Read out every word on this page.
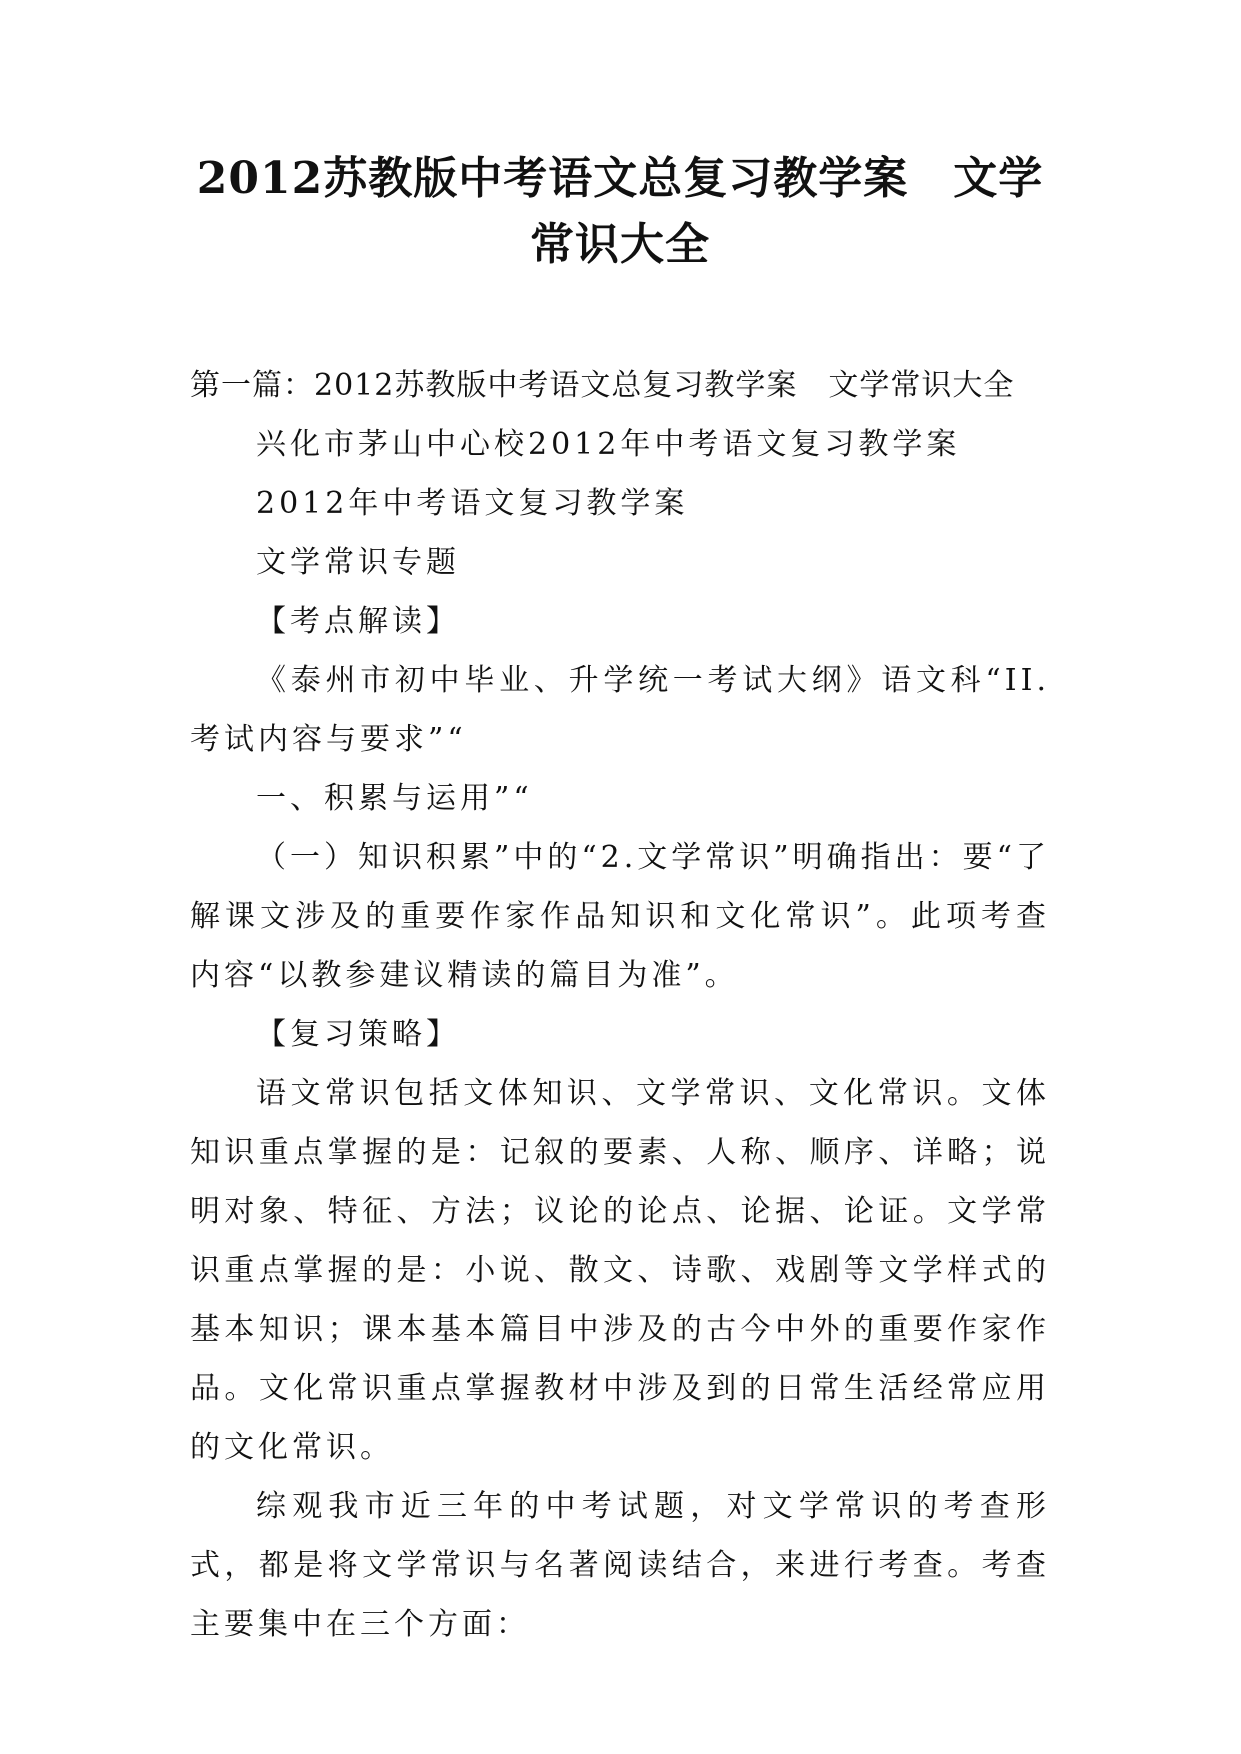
2012苏教版中考语文总复习教学案　文学
常识大全

第一篇：2012苏教版中考语文总复习教学案　文学常识大全

兴化市茅山中心校2012年中考语文复习教学案

2012年中考语文复习教学案

文学常识专题

【考点解读】

《泰州市初中毕业、升学统一考试大纲》语文科“II.考试内容与要求”“

一、积累与运用”“

（一）知识积累”中的“2.文学常识”明确指出：要“了解课文涉及的重要作家作品知识和文化常识”。此项考查内容“以教参建议精读的篇目为准”。

【复习策略】

语文常识包括文体知识、文学常识、文化常识。文体知识重点掌握的是：记叙的要素、人称、顺序、详略；说明对象、特征、方法；议论的论点、论据、论证。文学常识重点掌握的是：小说、散文、诗歌、戏剧等文学样式的基本知识；课本基本篇目中涉及的古今中外的重要作家作品。文化常识重点掌握教材中涉及到的日常生活经常应用的文化常识。

综观我市近三年的中考试题，对文学常识的考查形式，都是将文学常识与名著阅读结合，来进行考查。考查主要集中在三个方面：
